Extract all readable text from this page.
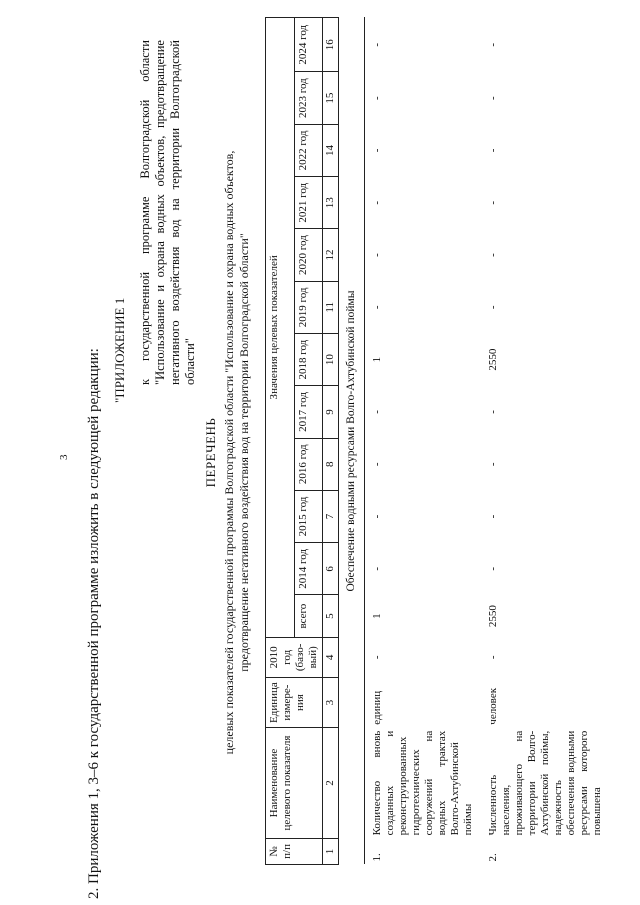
3 2. Приложения 1, 3–6 к государственной программе изложить в следующей редакции: "ПРИЛОЖЕНИЕ 1 к государственной программе Волгоградской области "Использование и охрана водных объектов, предотвращение негативного воздействия вод на территории Волгоградской области"
ПЕРЕЧЕНЬ целевых показателей государственной программы Волгоградской области "Использование и охрана водных объектов, предотвращение негативного воздействия вод на территории Волгоградской области"
№ п/п	Наименование целевого показателя	Единица измере-ния	2010 год (базо-вый)	Значения целевых показателей											
				всего	2014 год	2015 год	2016 год	2017 год	2018 год	2019 год	2020 год	2021 год	2022 год	2023 год	2024 год
1	2	3	4	5	6	7	8	9	10	11	12	13	14	15	16
Обеспечение водными ресурсами Волго-Ахтубинской поймы															
1.	Количество вновь созданных и реконструированных гидротехнических сооружений на водных трактах Волго-Ахтубинской поймы	единиц	-	1	-	-	-	-	1	-	-	-	-	-	-
2.	Численность населения, проживающего на территории Волго-Ахтубинской поймы, надежность обеспечения водными ресурсами которого повышена	человек	-	2550	-	-	-	-	2550	-	-	-	-	-	-
